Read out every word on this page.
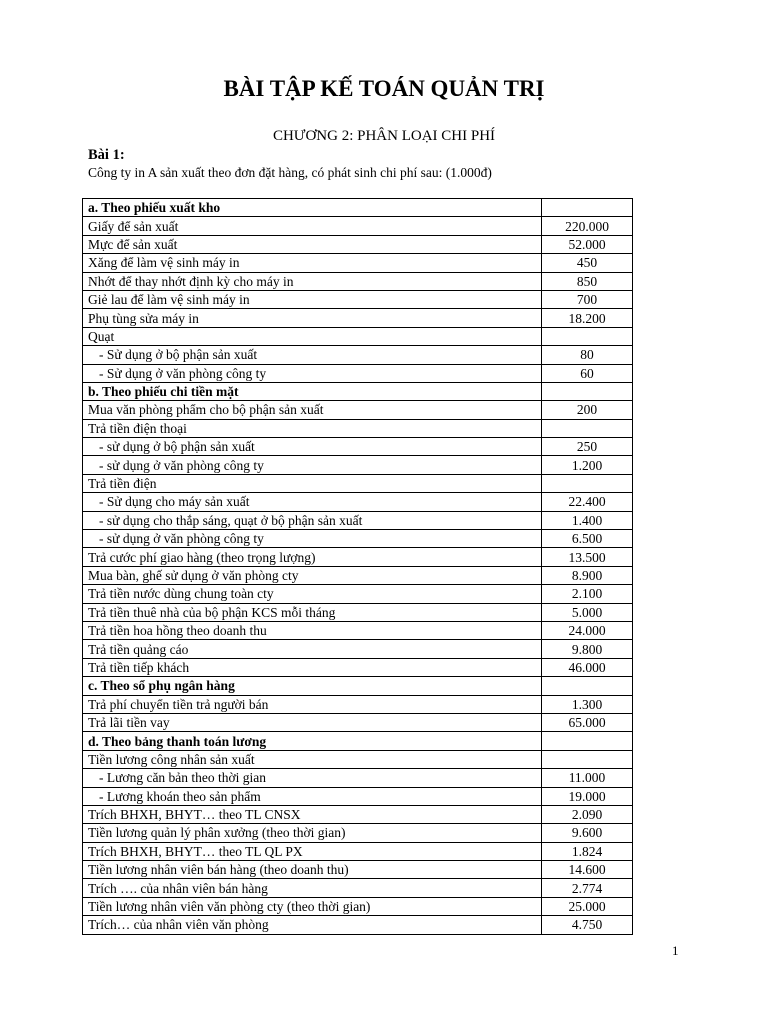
BÀI TẬP KẾ TOÁN QUẢN TRỊ
CHƯƠNG 2: PHÂN LOẠI CHI PHÍ
Bài 1:
Công ty in A sản xuất theo đơn đặt hàng, có phát sinh chi phí sau: (1.000đ)
a. Theo phiếu xuất kho	
Giấy để sản xuất	220.000
Mực để sản xuất	52.000
Xăng để làm vệ sinh máy in	450
Nhớt để thay nhớt định kỳ cho máy in	850
Giẻ lau để làm vệ sinh máy in	700
Phụ tùng sửa máy in	18.200
Quạt	
- Sử dụng ở bộ phận sản xuất	80
- Sử dụng ở văn phòng công ty	60
b. Theo phiếu chi tiền mặt	
Mua văn phòng phẩm cho bộ phận sản xuất	200
Trả tiền điện thoại	
- sử dụng ở bộ phận sản xuất	250
- sử dụng ở văn phòng công ty	1.200
Trả tiền điện	
- Sử dụng cho máy sản xuất	22.400
- sử dụng cho thắp sáng, quạt ở bộ phận sản xuất	1.400
- sử dụng ở văn phòng công ty	6.500
Trả cước phí giao hàng (theo trọng lượng)	13.500
Mua bàn, ghế sử dụng ở văn phòng cty	8.900
Trả tiền nước dùng chung toàn cty	2.100
Trả tiền thuê nhà của bộ phận KCS mỗi tháng	5.000
Trả tiền hoa hồng theo doanh thu	24.000
Trả tiền quảng cáo	9.800
Trả tiền tiếp khách	46.000
c. Theo sổ phụ ngân hàng	
Trả phí chuyển tiền trả người bán	1.300
Trả lãi tiền vay	65.000
d. Theo bảng thanh toán lương	
Tiền lương công nhân sản xuất	
- Lương căn bản theo thời gian	11.000
- Lương khoán theo sản phẩm	19.000
Trích BHXH, BHYT… theo TL CNSX	2.090
Tiền lương quản lý phân xưởng (theo thời gian)	9.600
Trích BHXH, BHYT… theo TL QL PX	1.824
Tiền lương nhân viên bán hàng (theo doanh thu)	14.600
Trích …. của nhân viên bán hàng	2.774
Tiền lương nhân viên văn phòng cty (theo thời gian)	25.000
Trích… của nhân viên văn phòng	4.750
1
